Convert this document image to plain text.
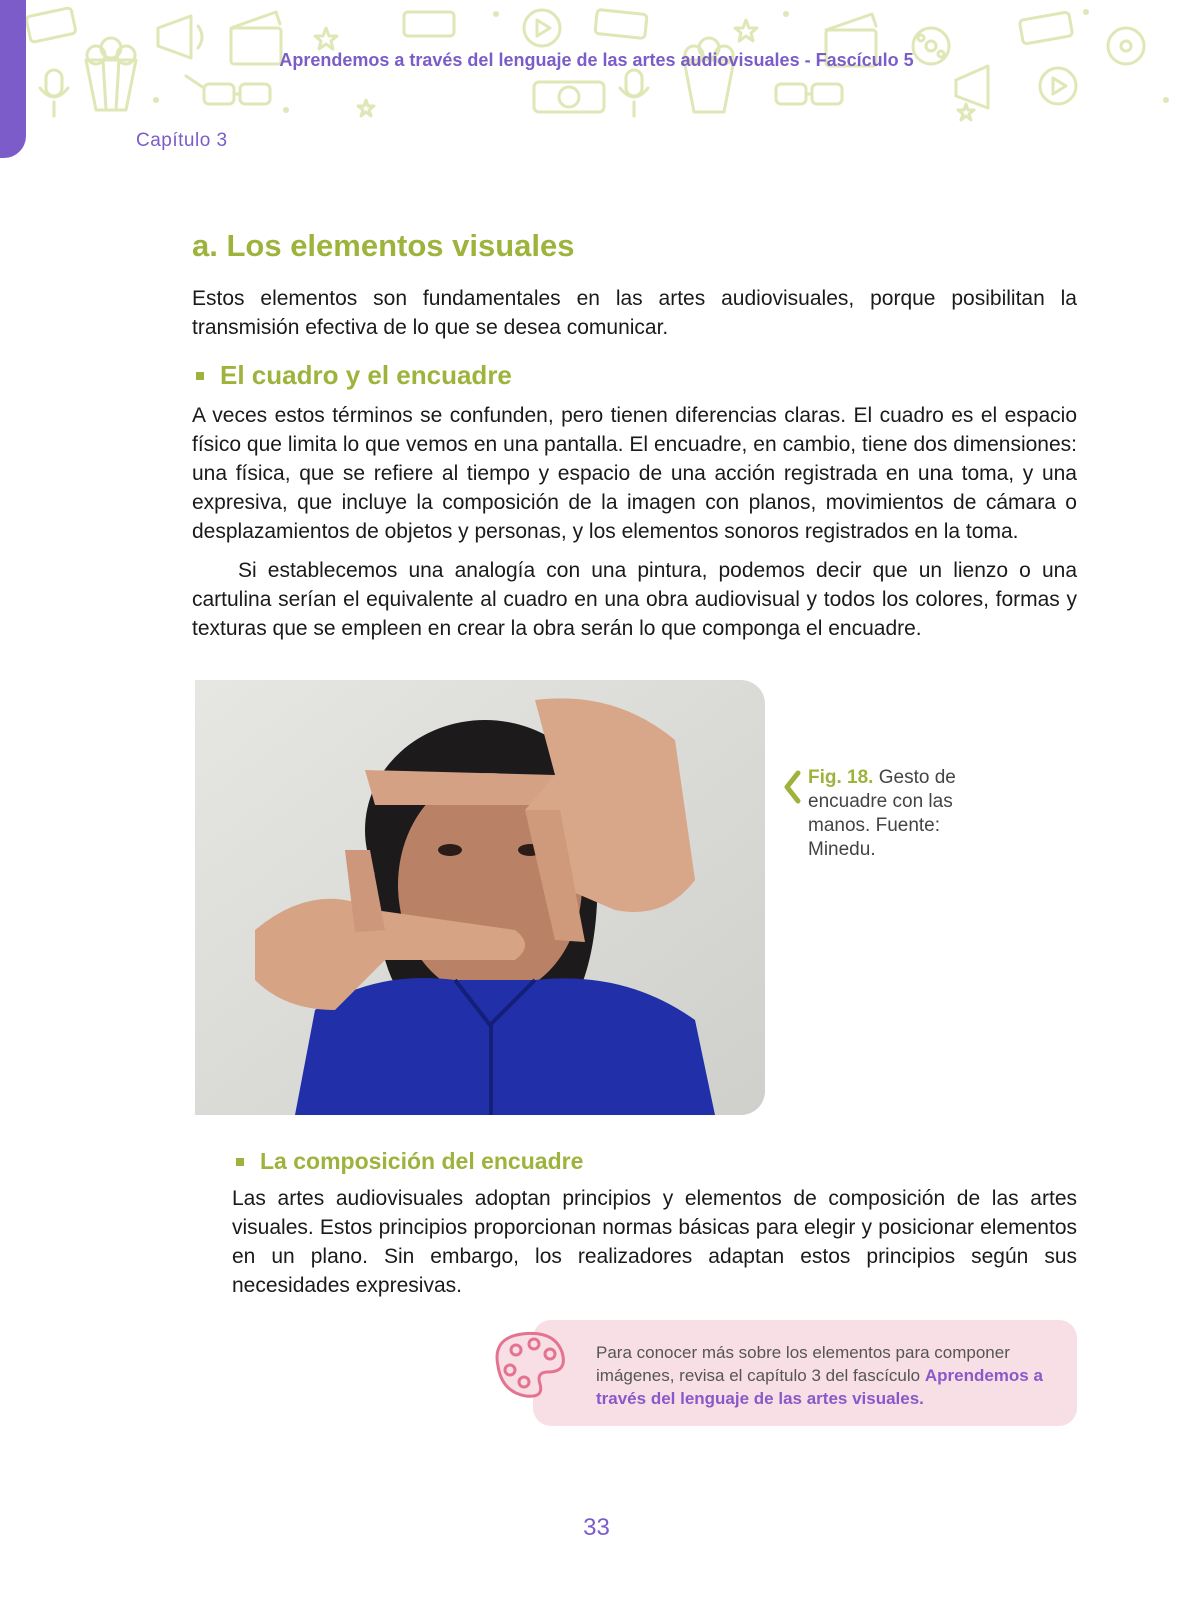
Aprendemos a través del lenguaje de las artes audiovisuales - Fascículo 5
Capítulo 3
a. Los elementos visuales

Estos elementos son fundamentales en las artes audiovisuales, porque posibilitan la transmisión efectiva de lo que se desea comunicar.

El cuadro y el encuadre

A veces estos términos se confunden, pero tienen diferencias claras. El cuadro es el espacio físico que limita lo que vemos en una pantalla. El encuadre, en cambio, tiene dos dimensiones: una física, que se refiere al tiempo y espacio de una acción registrada en una toma, y una expresiva, que incluye la composición de la imagen con planos, movimientos de cámara o desplazamientos de objetos y personas, y los elementos sonoros registrados en la toma.

Si establecemos una analogía con una pintura, podemos decir que un lienzo o una cartulina serían el equivalente al cuadro en una obra audiovisual y todos los colores, formas y texturas que se empleen en crear la obra serán lo que componga el encuadre.

Fig. 18. Gesto de encuadre con las manos. Fuente: Minedu.
La composición del encuadre

Las artes audiovisuales adoptan principios y elementos de composición de las artes visuales. Estos principios proporcionan normas básicas para elegir y posicionar elementos en un plano. Sin embargo, los realizadores adaptan estos principios según sus necesidades expresivas.

Para conocer más sobre los elementos para componer imágenes, revisa el capítulo 3 del fascículo Aprendemos a través del lenguaje de las artes visuales.
33
